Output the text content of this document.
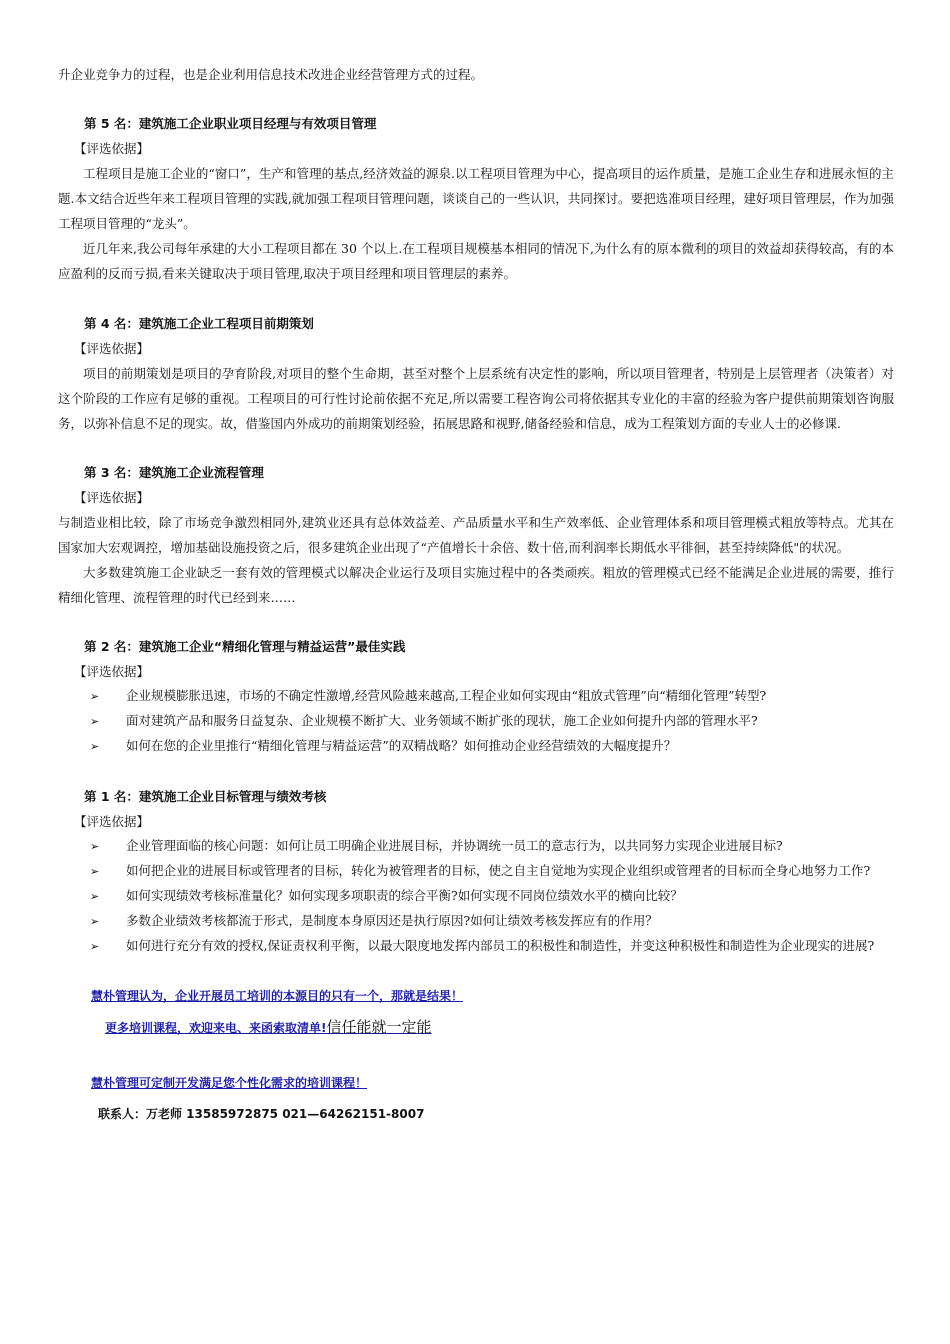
升企业竞争力的过程，也是企业利用信息技术改进企业经营管理方式的过程。

第 5 名：建筑施工企业职业项目经理与有效项目管理

【评选依据】

工程项目是施工企业的“窗口”，生产和管理的基点,经济效益的源泉.以工程项目管理为中心，提高项目的运作质量，是施工企业生存和进展永恒的主题.本文结合近些年来工程项目管理的实践,就加强工程项目管理问题，谈谈自己的一些认识，共同探讨。要把选准项目经理，建好项目管理层，作为加强工程项目管理的“龙头”。

近几年来,我公司每年承建的大小工程项目都在 30 个以上.在工程项目规模基本相同的情况下,为什么有的原本微利的项目的效益却获得较高，有的本应盈利的反而亏损,看来关键取决于项目管理,取决于项目经理和项目管理层的素养。

第 4 名：建筑施工企业工程项目前期策划

【评选依据】

项目的前期策划是项目的孕育阶段,对项目的整个生命期，甚至对整个上层系统有决定性的影响，所以项目管理者，特别是上层管理者（决策者）对这个阶段的工作应有足够的重视。工程项目的可行性讨论前依据不充足,所以需要工程咨询公司将依据其专业化的丰富的经验为客户提供前期策划咨询服务，以弥补信息不足的现实。故，借鉴国内外成功的前期策划经验，拓展思路和视野,储备经验和信息，成为工程策划方面的专业人士的必修课.

第 3 名：建筑施工企业流程管理

【评选依据】

与制造业相比较，除了市场竞争激烈相同外,建筑业还具有总体效益差、产品质量水平和生产效率低、企业管理体系和项目管理模式粗放等特点。尤其在国家加大宏观调控，增加基础设施投资之后，很多建筑企业出现了“产值增长十余倍、数十倍,而利润率长期低水平徘徊，甚至持续降低"的状况。

大多数建筑施工企业缺乏一套有效的管理模式以解决企业运行及项目实施过程中的各类顽疾。粗放的管理模式已经不能满足企业进展的需要，推行精细化管理、流程管理的时代已经到来……

第 2 名：建筑施工企业“精细化管理与精益运营”最佳实践

【评选依据】

➢ 企业规模膨胀迅速，市场的不确定性激增,经营风险越来越高,工程企业如何实现由“粗放式管理”向“精细化管理”转型?

➢ 面对建筑产品和服务日益复杂、企业规模不断扩大、业务领域不断扩张的现状，施工企业如何提升内部的管理水平?

➢ 如何在您的企业里推行“精细化管理与精益运营”的双精战略？如何推动企业经营绩效的大幅度提升？

第 1 名：建筑施工企业目标管理与绩效考核

【评选依据】

➢ 企业管理面临的核心问题：如何让员工明确企业进展目标，并协调统一员工的意志行为，以共同努力实现企业进展目标?

➢ 如何把企业的进展目标或管理者的目标，转化为被管理者的目标，使之自主自觉地为实现企业组织或管理者的目标而全身心地努力工作?

➢ 如何实现绩效考核标准量化？如何实现多项职责的综合平衡?如何实现不同岗位绩效水平的横向比较？

➢ 多数企业绩效考核都流于形式，是制度本身原因还是执行原因?如何让绩效考核发挥应有的作用？

➢ 如何进行充分有效的授权,保证责权利平衡，以最大限度地发挥内部员工的积极性和制造性，并变这种积极性和制造性为企业现实的进展?

慧朴管理认为，企业开展员工培训的本源目的只有一个，那就是结果！

更多培训课程，欢迎来电、来函索取清单!信任能就一定能

慧朴管理可定制开发满足您个性化需求的培训课程！

联系人：万老师 13585972875 021—64262151-8007
